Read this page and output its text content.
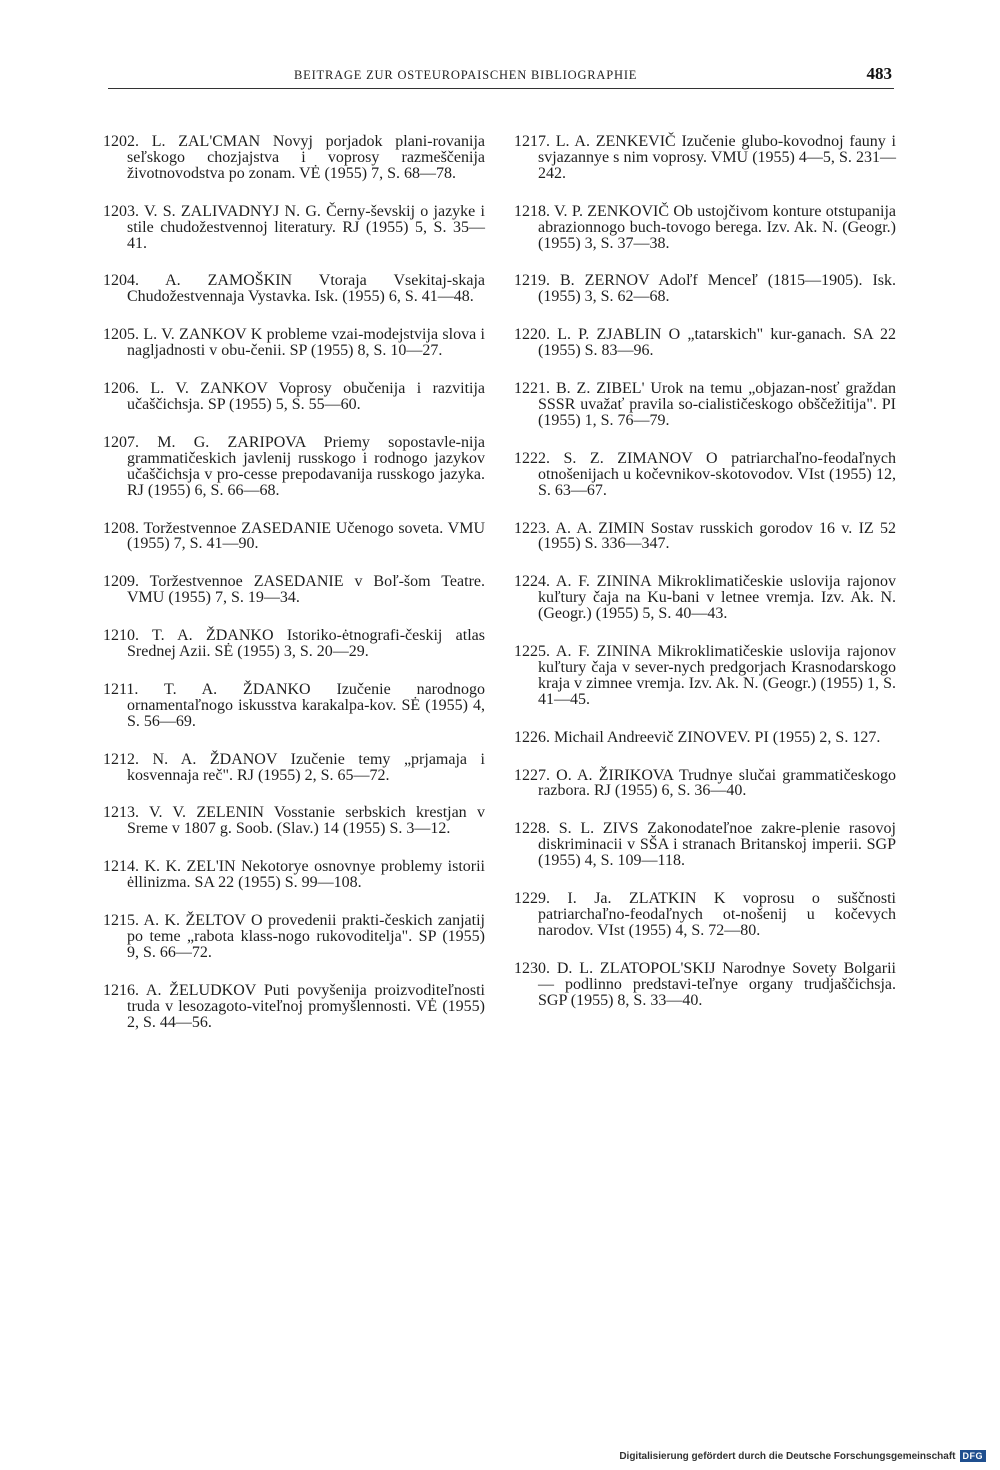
BEITRAGE ZUR OSTEUROPAISCHEN BIBLIOGRAPHIE	483

1202. L. ZAL'CMAN Novyj porjadok plani-rovanija seľskogo chozjajstva i voprosy razmeščenija životnovodstva po zonam. VĖ (1955) 7, S. 68—78.

1203. V. S. ZALIVADNYJ N. G. Černy-ševskij o jazyke i stile chudožestvennoj literatury. RJ (1955) 5, S. 35—41.

1204. A. ZAMOŠKIN Vtoraja Vsekitaj-skaja Chudožestvennaja Vystavka. Isk. (1955) 6, S. 41—48.

1205. L. V. ZANKOV K probleme vzai-modejstvija slova i nagljadnosti v obu-čenii. SP (1955) 8, S. 10—27.

1206. L. V. ZANKOV Voprosy obučenija i razvitija učaščichsja. SP (1955) 5, S. 55—60.

1207. M. G. ZARIPOVA Priemy sopostavle-nija grammatičeskich javlenij russkogo i rodnogo jazykov učaščichsja v pro-cesse prepodavanija russkogo jazyka. RJ (1955) 6, S. 66—68.

1208. Toržestvennoe ZASEDANIE Učenogo soveta. VMU (1955) 7, S. 41—90.

1209. Toržestvennoe ZASEDANIE v Boľ-šom Teatre. VMU (1955) 7, S. 19—34.

1210. T. A. ŽDANKO Istoriko-ėtnografi-českij atlas Srednej Azii. SĖ (1955) 3, S. 20—29.

1211. T. A. ŽDANKO Izučenie narodnogo ornamentaľnogo iskusstva karakalpa-kov. SĖ (1955) 4, S. 56—69.

1212. N. A. ŽDANOV Izučenie temy „prjamaja i kosvennaja reč". RJ (1955) 2, S. 65—72.

1213. V. V. ZELENIN Vosstanie serbskich krestjan v Sreme v 1807 g. Soob. (Slav.) 14 (1955) S. 3—12.

1214. K. K. ZEL'IN Nekotorye osnovnye problemy istorii ėllinizma. SA 22 (1955) S. 99—108.

1215. A. K. ŽELTOV O provedenii prakti-českich zanjatij po teme „rabota klass-nogo rukovoditelja". SP (1955) 9, S. 66—72.

1216. A. ŽELUDKOV Puti povyšenija proizvoditeľnosti truda v lesozagoto-viteľnoj promyšlennosti. VĖ (1955) 2, S. 44—56.

1217. L. A. ZENKEVIČ Izučenie glubo-kovodnoj fauny i svjazannye s nim voprosy. VMU (1955) 4—5, S. 231—242.

1218. V. P. ZENKOVIČ Ob ustojčivom konture otstupanija abrazionnogo buch-tovogo berega. Izv. Ak. N. (Geogr.) (1955) 3, S. 37—38.

1219. B. ZERNOV Adoľf Menceľ (1815—1905). Isk. (1955) 3, S. 62—68.

1220. L. P. ZJABLIN O „tatarskich" kur-ganach. SA 22 (1955) S. 83—96.

1221. B. Z. ZIBEL' Urok na temu „objazan-nosť graždan SSSR uvažať pravila so-cialističeskogo obščežitija". PI (1955) 1, S. 76—79.

1222. S. Z. ZIMANOV O patriarchaľno-feodaľnych otnošenijach u kočevnikov-skotovodov. VIst (1955) 12, S. 63—67.

1223. A. A. ZIMIN Sostav russkich gorodov 16 v. IZ 52 (1955) S. 336—347.

1224. A. F. ZININA Mikroklimatičeskie uslovija rajonov kuľtury čaja na Ku-bani v letnee vremja. Izv. Ak. N. (Geogr.) (1955) 5, S. 40—43.

1225. A. F. ZININA Mikroklimatičeskie uslovija rajonov kuľtury čaja v sever-nych predgorjach Krasnodarskogo kraja v zimnee vremja. Izv. Ak. N. (Geogr.) (1955) 1, S. 41—45.

1226. Michail Andreevič ZINOVEV. PI (1955) 2, S. 127.

1227. O. A. ŽIRIKOVA Trudnye slučai grammatičeskogo razbora. RJ (1955) 6, S. 36—40.

1228. S. L. ZIVS Zakonodateľnoe zakre-plenie rasovoj diskriminacii v SŠA i stranach Britanskoj imperii. SGP (1955) 4, S. 109—118.

1229. I. Ja. ZLATKIN K voprosu o suščnosti patriarchaľno-feodaľnych ot-nošenij u kočevych narodov. VIst (1955) 4, S. 72—80.

1230. D. L. ZLATOPOL'SKIJ Narodnye Sovety Bolgarii — podlinno predstavi-teľnye organy trudjaščichsja. SGP (1955) 8, S. 33—40.

Digitalisierung gefördert durch die Deutsche Forschungsgemeinschaft DFG
